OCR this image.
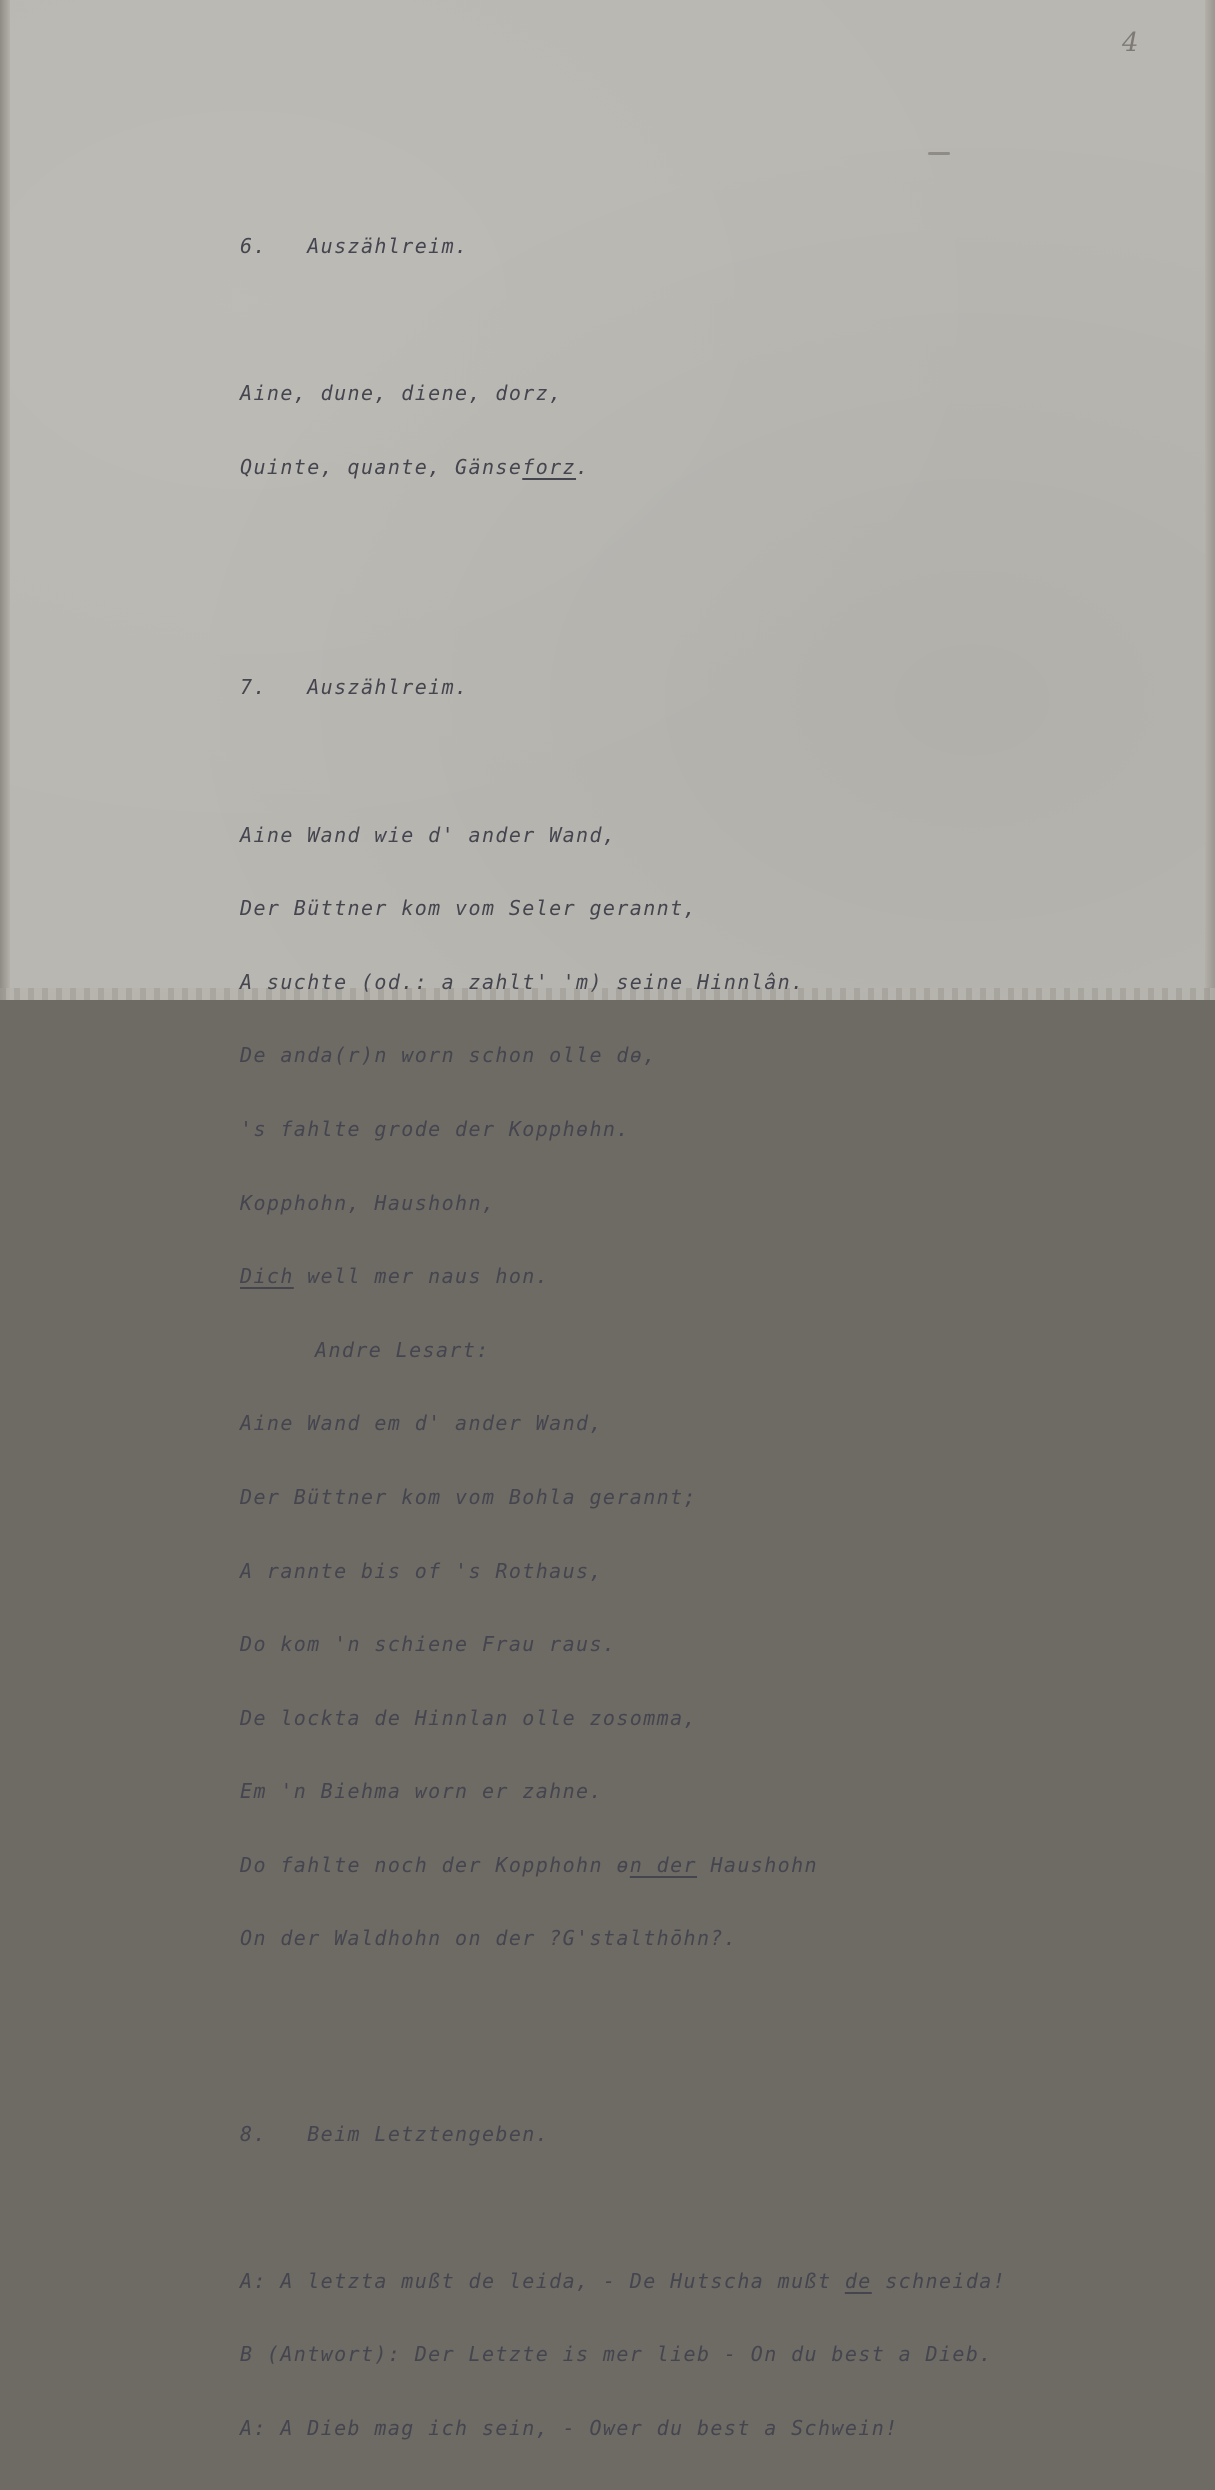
4

6.   Auszählreim.

Aine, dune, diene, dorz,

Quinte, quante, Gänseforz.

7.   Auszählreim.

Aine Wand wie d' ander Wand,

Der Büttner kom vom Seler gerannt,

A suchte (od.: a zahlt' 'm) seine Hinnlân.

De anda(r)n worn schon olle dө,

's fahlte grode der Kopphөhn.

Kopphohn, Haushohn,

Dich well mer naus hon.

Andre Lesart:

Aine Wand em d' ander Wand,

Der Büttner kom vom Bohla gerannt;

A rannte bis of 's Rothaus,

Do kom 'n schiene Frau raus.

De lockta de Hinnlan olle zosomma,

Em 'n Biehma worn er zahne.

Do fahlte noch der Kopphohn өn der Haushohn

On der Waldhohn on der ?G'stalthōhn?.

8.   Beim Letztengeben.

A: A letzta mußt de leida, - De Hutscha mußt de schneida!

B (Antwort): Der Letzte is mer lieb - On du best a Dieb.

A: A Dieb mag ich sein, - Ower du best a Schwein!
